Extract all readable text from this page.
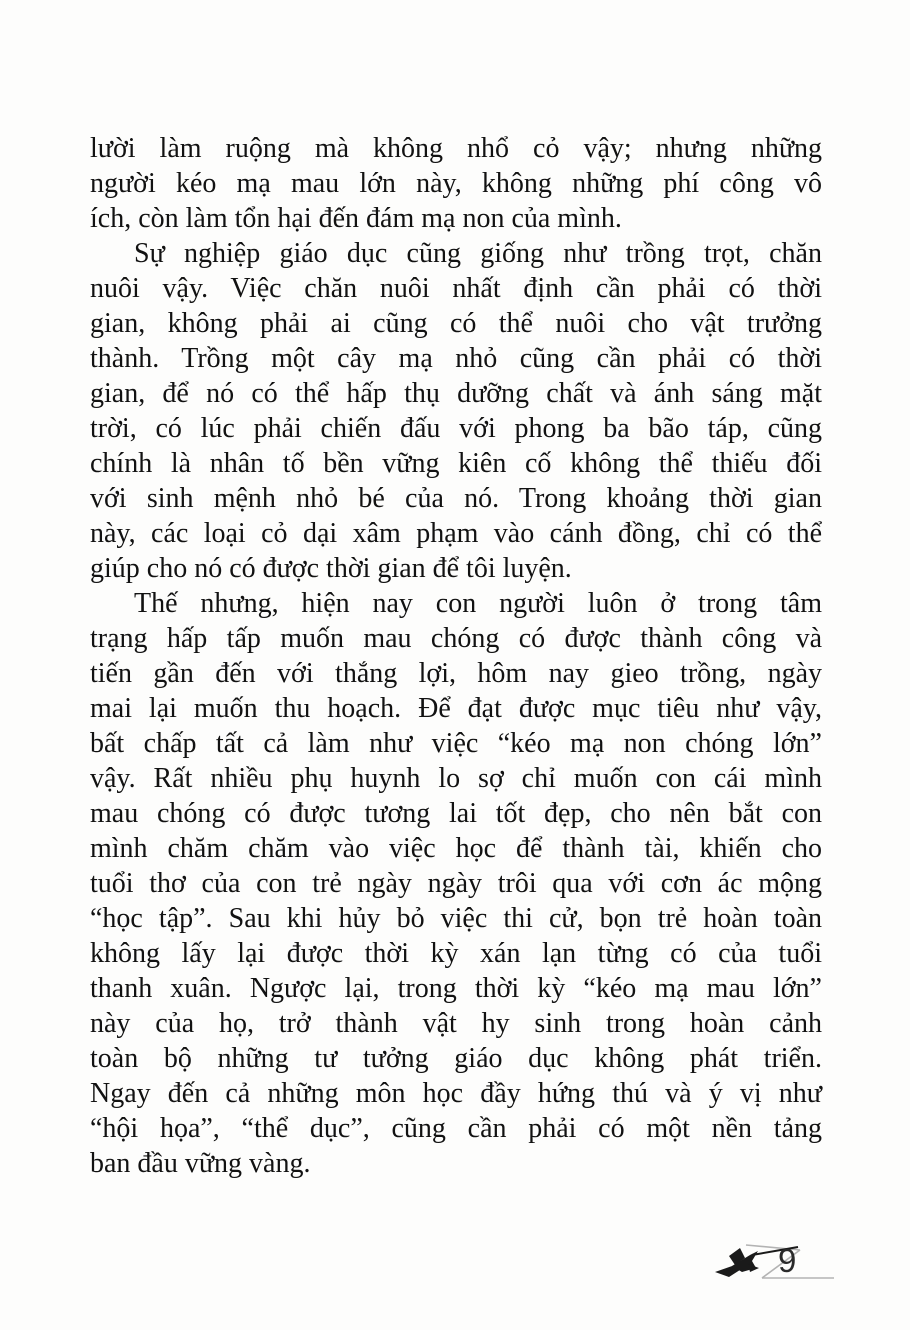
lười làm ruộng mà không nhổ cỏ vậy; nhưng những
người kéo mạ mau lớn này, không những phí công vô
ích, còn làm tổn hại đến đám mạ non của mình.
Sự nghiệp giáo dục cũng giống như trồng trọt, chăn
nuôi vậy. Việc chăn nuôi nhất định cần phải có thời
gian, không phải ai cũng có thể nuôi cho vật trưởng
thành. Trồng một cây mạ nhỏ cũng cần phải có thời
gian, để nó có thể hấp thụ dưỡng chất và ánh sáng mặt
trời, có lúc phải chiến đấu với phong ba bão táp, cũng
chính là nhân tố bền vững kiên cố không thể thiếu đối
với sinh mệnh nhỏ bé của nó. Trong khoảng thời gian
này, các loại cỏ dại xâm phạm vào cánh đồng, chỉ có thể
giúp cho nó có được thời gian để tôi luyện.
Thế nhưng, hiện nay con người luôn ở trong tâm
trạng hấp tấp muốn mau chóng có được thành công và
tiến gần đến với thắng lợi, hôm nay gieo trồng, ngày
mai lại muốn thu hoạch. Để đạt được mục tiêu như vậy,
bất chấp tất cả làm như việc “kéo mạ non chóng lớn”
vậy. Rất nhiều phụ huynh lo sợ chỉ muốn con cái mình
mau chóng có được tương lai tốt đẹp, cho nên bắt con
mình chăm chăm vào việc học để thành tài, khiến cho
tuổi thơ của con trẻ ngày ngày trôi qua với cơn ác mộng
“học tập”. Sau khi hủy bỏ việc thi cử, bọn trẻ hoàn toàn
không lấy lại được thời kỳ xán lạn từng có của tuổi
thanh xuân. Ngược lại, trong thời kỳ “kéo mạ mau lớn”
này của họ, trở thành vật hy sinh trong hoàn cảnh
toàn bộ những tư tưởng giáo dục không phát triển.
Ngay đến cả những môn học đầy hứng thú và ý vị như
“hội họa”, “thể dục”, cũng cần phải có một nền tảng
ban đầu vững vàng.
9
